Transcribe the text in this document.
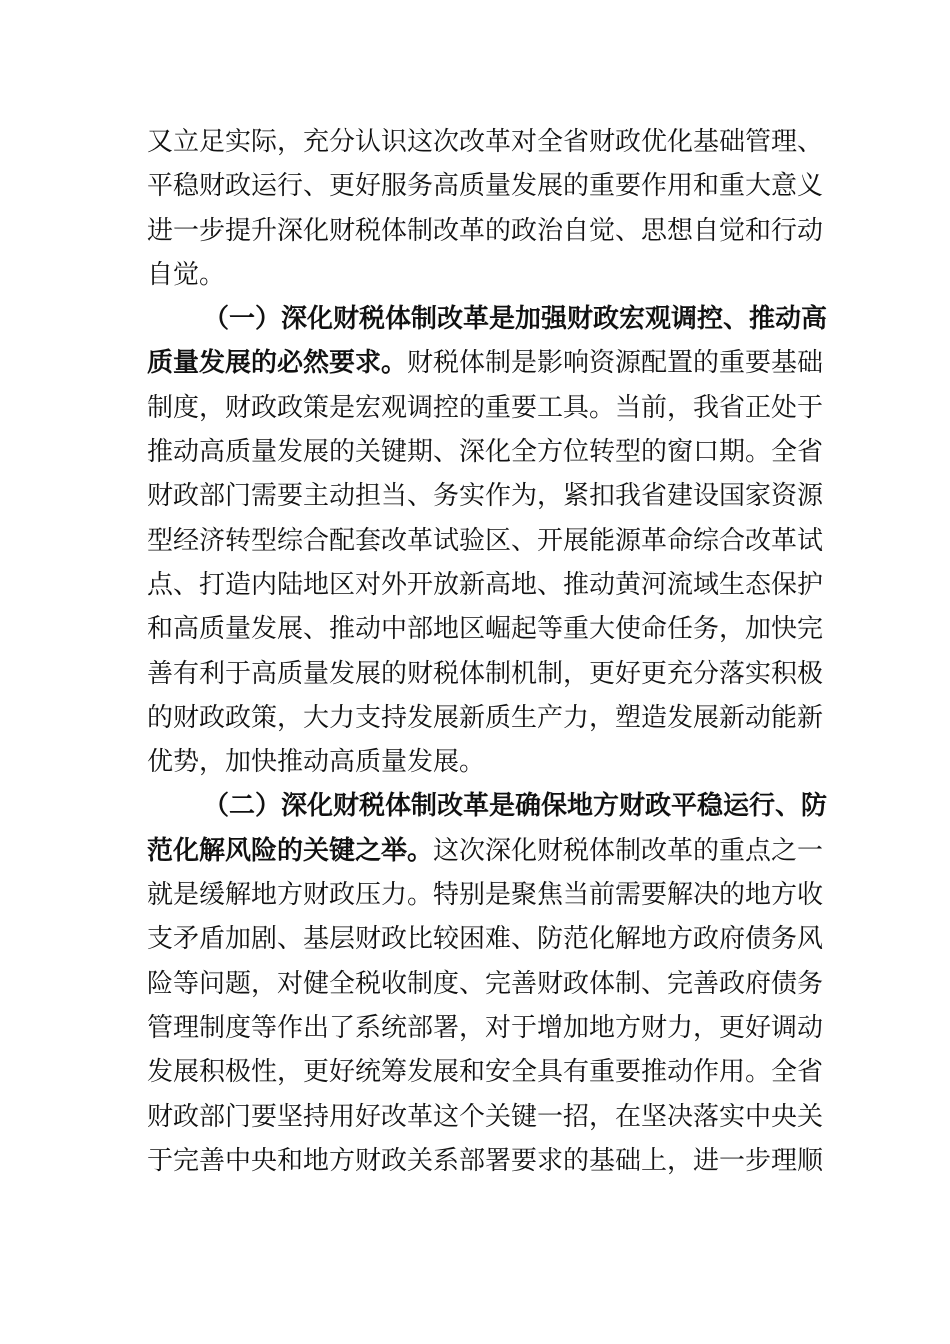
又立足实际，充分认识这次改革对全省财政优化基础管理、
平稳财政运行、更好服务高质量发展的重要作用和重大意义
进一步提升深化财税体制改革的政治自觉、思想自觉和行动
自觉。
（一）深化财税体制改革是加强财政宏观调控、推动高
质量发展的必然要求。财税体制是影响资源配置的重要基础
制度，财政政策是宏观调控的重要工具。当前，我省正处于
推动高质量发展的关键期、深化全方位转型的窗口期。全省
财政部门需要主动担当、务实作为，紧扣我省建设国家资源
型经济转型综合配套改革试验区、开展能源革命综合改革试
点、打造内陆地区对外开放新高地、推动黄河流域生态保护
和高质量发展、推动中部地区崛起等重大使命任务，加快完
善有利于高质量发展的财税体制机制，更好更充分落实积极
的财政政策，大力支持发展新质生产力，塑造发展新动能新
优势，加快推动高质量发展。
（二）深化财税体制改革是确保地方财政平稳运行、防
范化解风险的关键之举。这次深化财税体制改革的重点之一
就是缓解地方财政压力。特别是聚焦当前需要解决的地方收
支矛盾加剧、基层财政比较困难、防范化解地方政府债务风
险等问题，对健全税收制度、完善财政体制、完善政府债务
管理制度等作出了系统部署，对于增加地方财力，更好调动
发展积极性，更好统筹发展和安全具有重要推动作用。全省
财政部门要坚持用好改革这个关键一招，在坚决落实中央关
于完善中央和地方财政关系部署要求的基础上，进一步理顺
